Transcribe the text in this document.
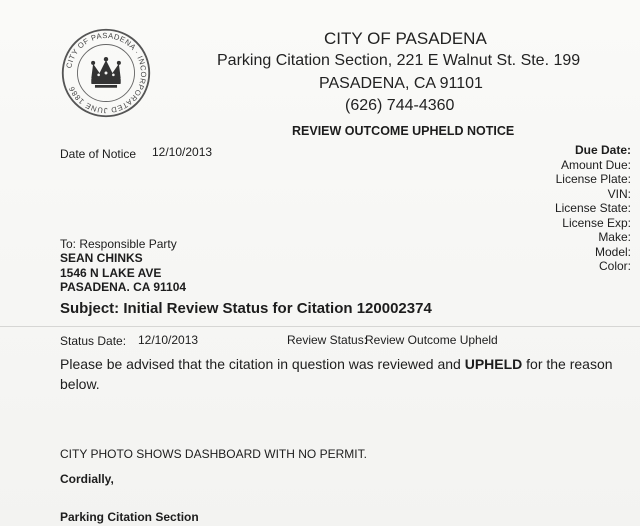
CITY OF PASADENA · INCORPORATED JUNE 1886
CITY OF PASADENA
Parking Citation Section, 221 E Walnut St. Ste. 199
PASADENA, CA 91101
(626) 744-4360
REVIEW OUTCOME UPHELD NOTICE
Date of Notice 12/10/2013	Due Date:
Amount Due:
License Plate:
VIN:
License State:
License Exp:
Make:
Model:
Color:
To: Responsible Party
SEAN CHINKS
1546 N LAKE AVE
PASADENA. CA 91104
Subject: Initial Review Status for Citation 120002374
Status Date: 12/10/2013	Review Status:
Review Outcome Upheld
Please be advised that the citation in question was reviewed and UPHELD for the reason
below.
CITY PHOTO SHOWS DASHBOARD WITH NO PERMIT.
Cordially,
Parking Citation Section
